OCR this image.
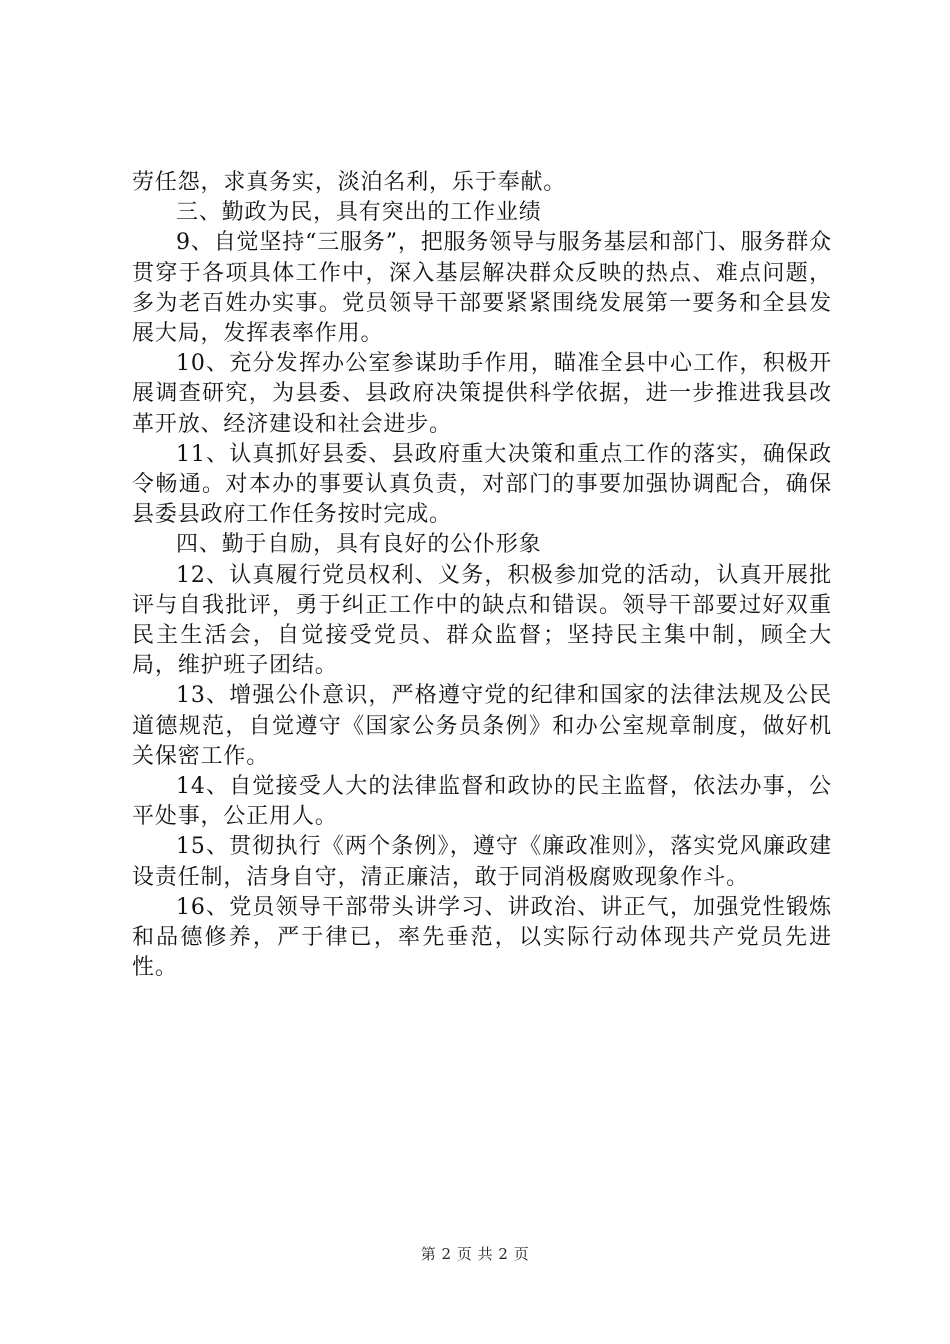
劳任怨，求真务实，淡泊名利，乐于奉献。

三、勤政为民，具有突出的工作业绩

9、自觉坚持“三服务”，把服务领导与服务基层和部门、服务群众贯穿于各项具体工作中，深入基层解决群众反映的热点、难点问题，多为老百姓办实事。党员领导干部要紧紧围绕发展第一要务和全县发展大局，发挥表率作用。

10、充分发挥办公室参谋助手作用，瞄准全县中心工作，积极开展调查研究，为县委、县政府决策提供科学依据，进一步推进我县改革开放、经济建设和社会进步。

11、认真抓好县委、县政府重大决策和重点工作的落实，确保政令畅通。对本办的事要认真负责，对部门的事要加强协调配合，确保县委县政府工作任务按时完成。

四、勤于自励，具有良好的公仆形象

12、认真履行党员权利、义务，积极参加党的活动，认真开展批评与自我批评，勇于纠正工作中的缺点和错误。领导干部要过好双重民主生活会，自觉接受党员、群众监督；坚持民主集中制，顾全大局，维护班子团结。

13、增强公仆意识，严格遵守党的纪律和国家的法律法规及公民道德规范，自觉遵守《国家公务员条例》和办公室规章制度，做好机关保密工作。

14、自觉接受人大的法律监督和政协的民主监督，依法办事，公平处事，公正用人。

15、贯彻执行《两个条例》，遵守《廉政准则》，落实党风廉政建设责任制，洁身自守，清正廉洁，敢于同消极腐败现象作斗。

16、党员领导干部带头讲学习、讲政治、讲正气，加强党性锻炼和品德修养，严于律已，率先垂范，以实际行动体现共产党员先进性。

第 2 页 共 2 页
